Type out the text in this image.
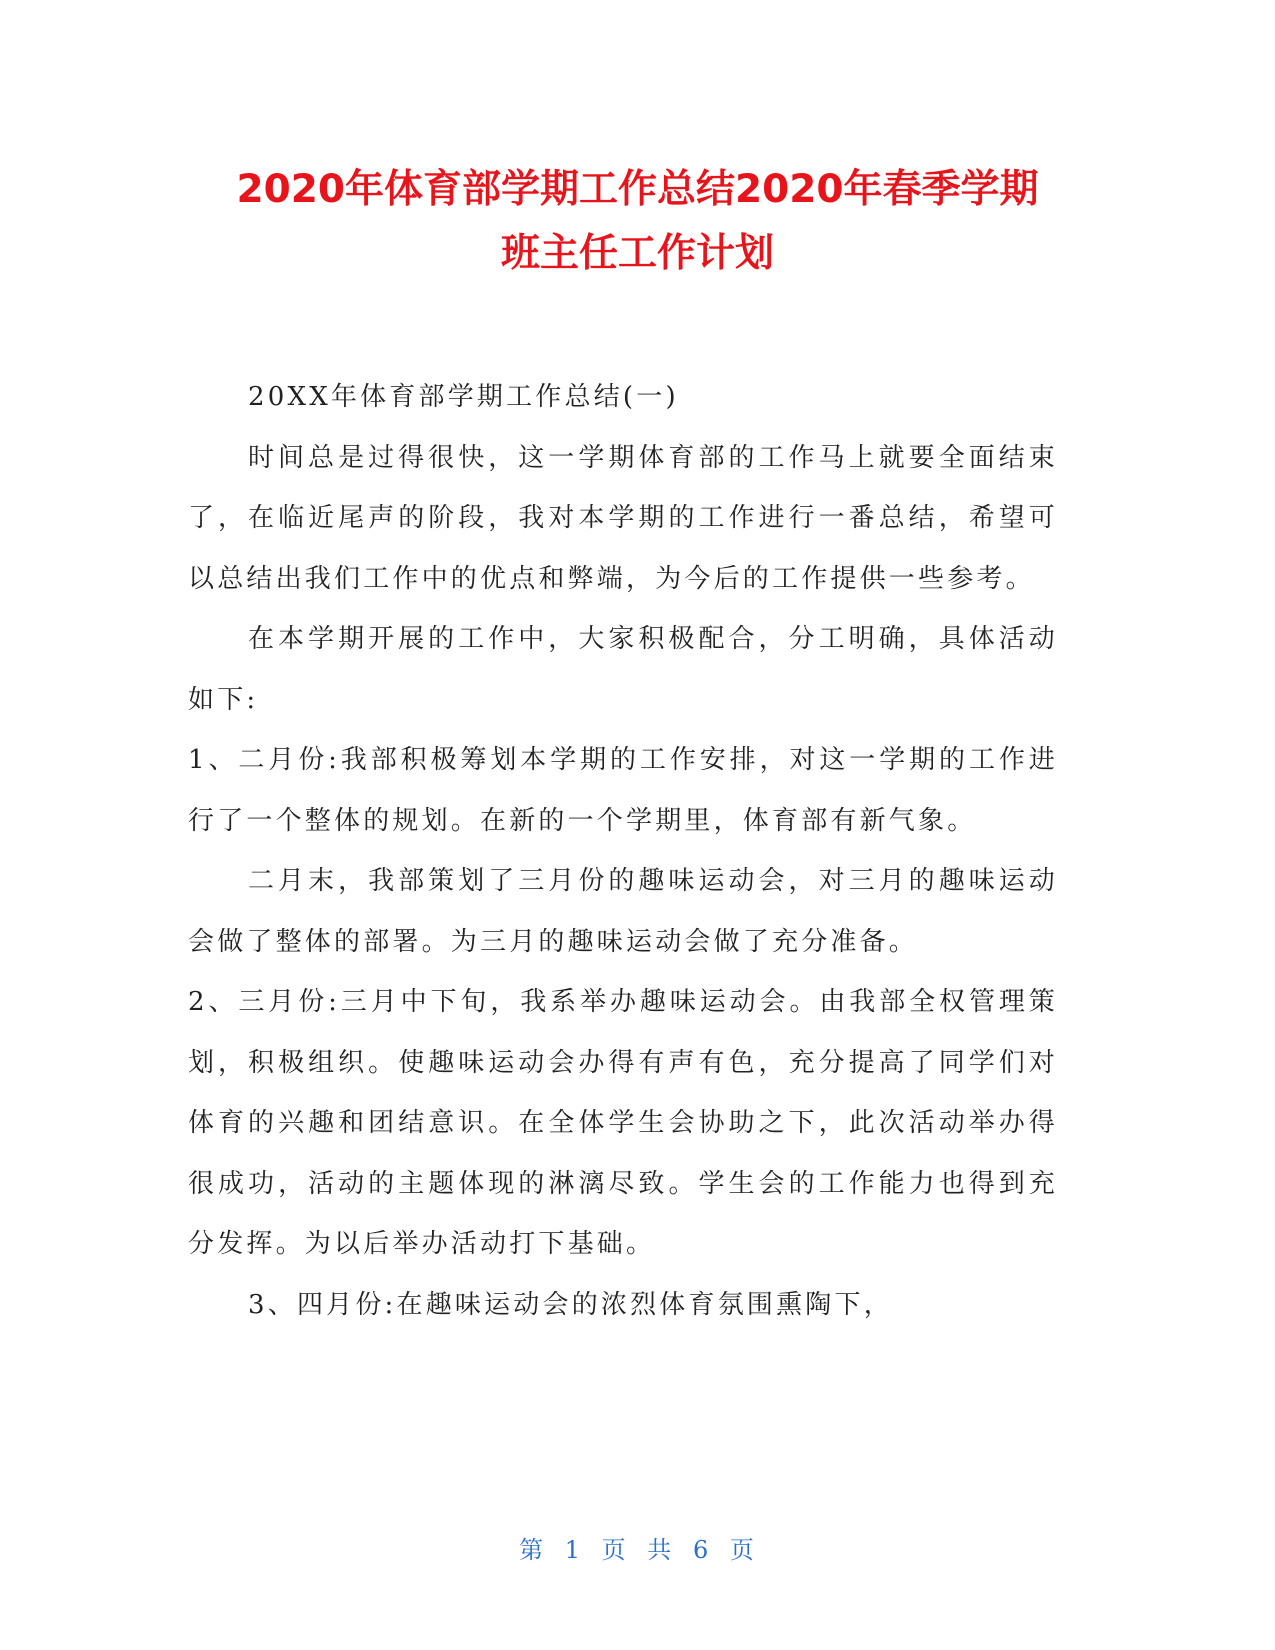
2020年体育部学期工作总结2020年春季学期
班主任工作计划

20XX年体育部学期工作总结(一)

时间总是过得很快，这一学期体育部的工作马上就要全面结束了，在临近尾声的阶段，我对本学期的工作进行一番总结，希望可以总结出我们工作中的优点和弊端，为今后的工作提供一些参考。

在本学期开展的工作中，大家积极配合，分工明确，具体活动如下:

1、二月份:我部积极筹划本学期的工作安排，对这一学期的工作进行了一个整体的规划。在新的一个学期里，体育部有新气象。

二月末，我部策划了三月份的趣味运动会，对三月的趣味运动会做了整体的部署。为三月的趣味运动会做了充分准备。

2、三月份:三月中下旬，我系举办趣味运动会。由我部全权管理策划，积极组织。使趣味运动会办得有声有色，充分提高了同学们对体育的兴趣和团结意识。在全体学生会协助之下，此次活动举办得很成功，活动的主题体现的淋漓尽致。学生会的工作能力也得到充分发挥。为以后举办活动打下基础。

3、四月份:在趣味运动会的浓烈体育氛围熏陶下，

第 1 页 共 6 页
